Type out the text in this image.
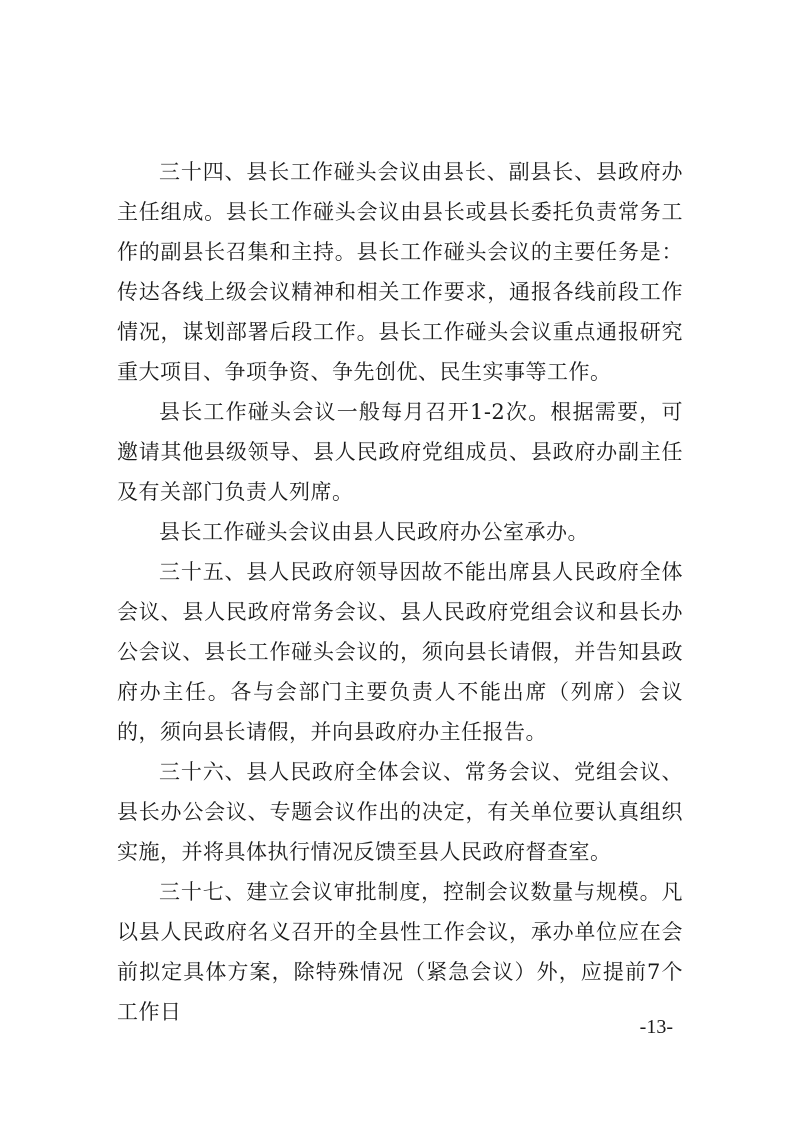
三十四、县长工作碰头会议由县长、副县长、县政府办主任组成。县长工作碰头会议由县长或县长委托负责常务工作的副县长召集和主持。县长工作碰头会议的主要任务是：传达各线上级会议精神和相关工作要求，通报各线前段工作情况，谋划部署后段工作。县长工作碰头会议重点通报研究重大项目、争项争资、争先创优、民生实事等工作。

县长工作碰头会议一般每月召开1-2次。根据需要，可邀请其他县级领导、县人民政府党组成员、县政府办副主任及有关部门负责人列席。

县长工作碰头会议由县人民政府办公室承办。

三十五、县人民政府领导因故不能出席县人民政府全体会议、县人民政府常务会议、县人民政府党组会议和县长办公会议、县长工作碰头会议的，须向县长请假，并告知县政府办主任。各与会部门主要负责人不能出席（列席）会议的，须向县长请假，并向县政府办主任报告。

三十六、县人民政府全体会议、常务会议、党组会议、县长办公会议、专题会议作出的决定，有关单位要认真组织实施，并将具体执行情况反馈至县人民政府督查室。

三十七、建立会议审批制度，控制会议数量与规模。凡以县人民政府名义召开的全县性工作会议，承办单位应在会前拟定具体方案，除特殊情况（紧急会议）外，应提前7个工作日

-13-
